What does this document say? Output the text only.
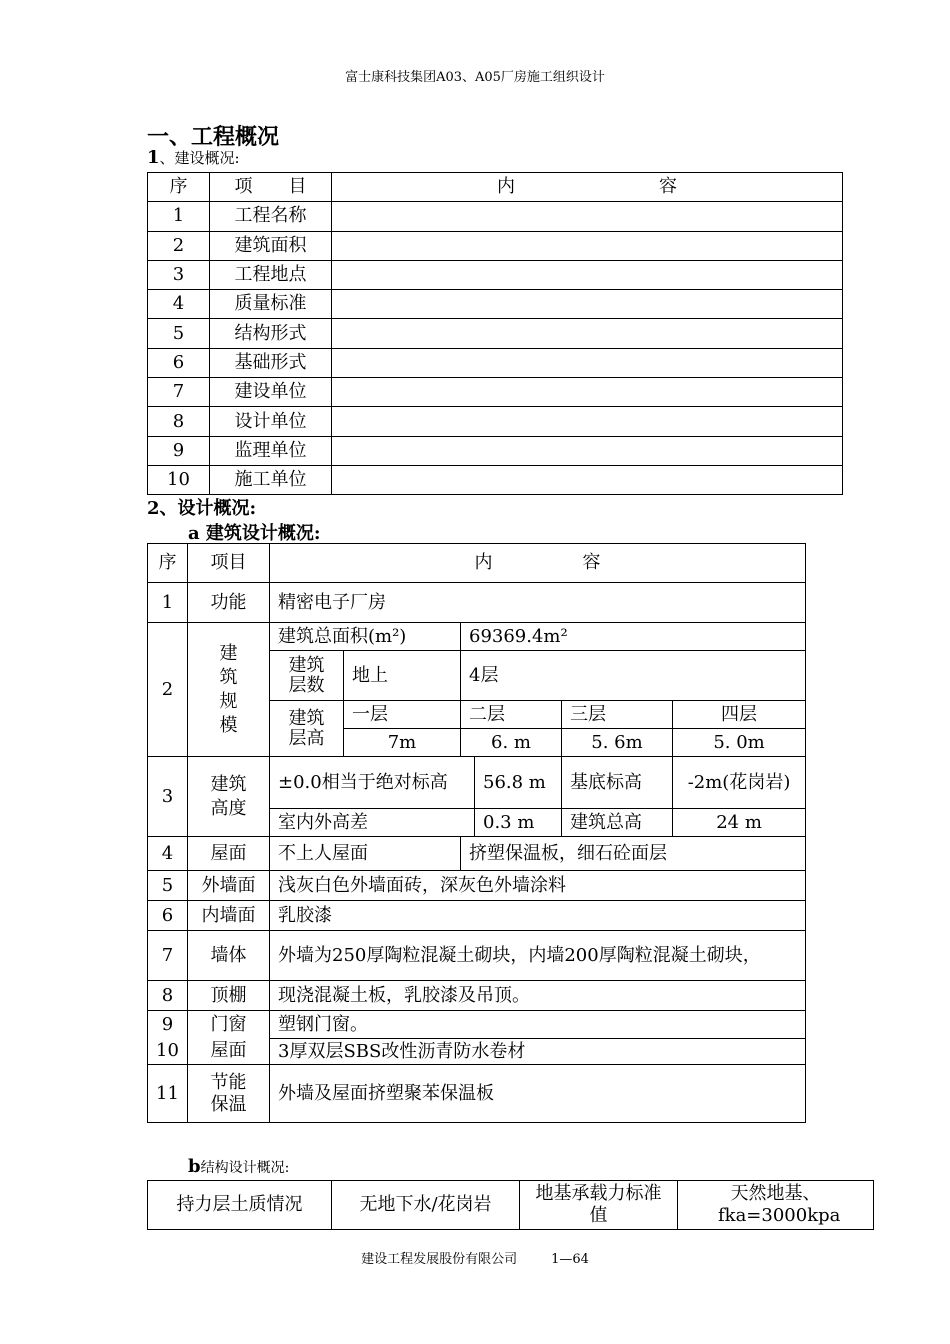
富士康科技集团A03、A05厂房施工组织设计
一、工程概况
1、建设概况:
序	项　　目	内　　　　　　　　容
1	工程名称	
2	建筑面积	
3	工程地点	
4	质量标准	
5	结构形式	
6	基础形式	
7	建设单位	
8	设计单位	
9	监理单位	
10	施工单位	
2、设计概况:
a 建筑设计概况:
序	项目	内　　　　　容					
1	功能	精密电子厂房					
2	建筑规模	建筑总面积(m²)		69369.4m²			
		建筑层数	地上	4层			
		建筑层高	一层	二层		三层	四层
			7m	6. m		5. 6m	5. 0m
3	建筑高度	±0.0相当于绝对标高			56.8 m	基底标高	-2m(花岗岩)
		室内外高差			0.3 m	建筑总高	24 m
4	屋面	不上人屋面		挤塑保温板，细石砼面层			
5	外墙面	浅灰白色外墙面砖，深灰色外墙涂料					
6	内墙面	乳胶漆					
7	墙体	外墙为250厚陶粒混凝土砌块，内墙200厚陶粒混凝土砌块，					
8	顶棚	现浇混凝土板，乳胶漆及吊顶。					
9	门窗	塑钢门窗。					
10	屋面	3厚双层SBS改性沥青防水卷材					
11	节能保温	外墙及屋面挤塑聚苯保温板					
b结构设计概况:
持力层土质情况	无地下水/花岗岩	地基承载力标准值	天然地基、fka=3000kpa
建设工程发展股份有限公司	1—64
